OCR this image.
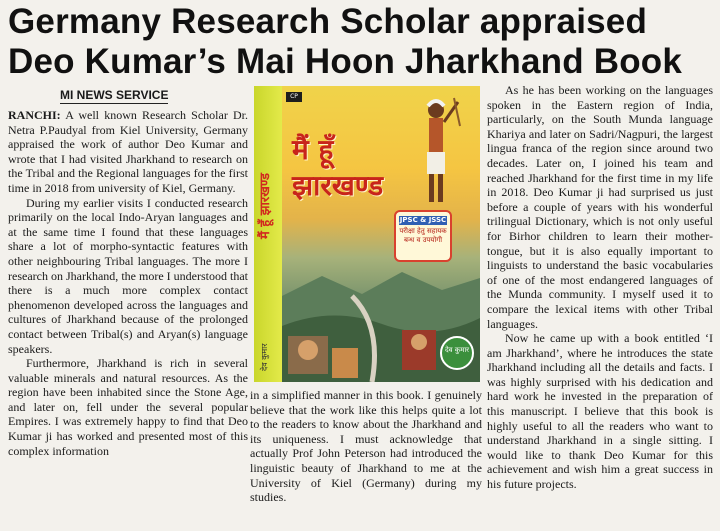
Germany Research Scholar appraised
Deo Kumar’s Mai Hoon Jharkhand Book
MI NEWS SERVICE

RANCHI: A well known Research Scholar Dr. Netra P.Paudyal from Kiel University, Germany appraised the work of author Deo Kumar and wrote that I had visited Jharkhand to research on the Tribal and the Regional languages for the first time in 2018 from university of Kiel, Germany.

During my earlier visits I conducted research primarily on the local Indo-Aryan languages and at the same time I found that these languages share a lot of morpho-syntactic features with other neighbouring Tribal languages. The more I research on Jharkhand, the more I understood that there is a much more complex contact phenomenon developed across the languages and cultures of Jharkhand because of the prolonged contact between Tribal(s) and Aryan(s) language speakers.

Furthermore, Jharkhand is rich in several valuable minerals and natural resources. As the region have been inhabited since the Stone Age, and later on, fell under the several popular Empires. I was extremely happy to find that Deo Kumar ji has worked and presented most of this complex information

in a simplified manner in this book. I genuinely believe that the work like this helps quite a lot to the readers to know about the Jharkhand and its uniqueness. I must acknowledge that actually Prof John Peterson had introduced the linguistic beauty of Jharkhand to me at the University of Kiel (Germany) during my studies.

As he has been working on the languages spoken in the Eastern region of India, particularly, on the South Munda language Khariya and later on Sadri/Nagpuri, the largest lingua franca of the region since around two decades. Later on, I joined his team and reached Jharkhand for the first time in my life in 2018. Deo Kumar ji had surprised us just before a couple of years with his wonderful trilingual Dictionary, which is not only useful for Birhor children to learn their mother-tongue, but it is also equally important to linguists to understand the basic vocabularies of one of the most endangered languages of the Munda community. I myself used it to compare the lexical items with other Tribal languages.

Now he came up with a book entitled ‘I am Jharkhand’, where he introduces the state Jharkhand including all the details and facts. I was highly surprised with his dedication and hard work he invested in the preparation of this manuscript. I believe that this book is highly useful to all the readers who want to understand Jharkhand in a single sitting. I would like to thank Deo Kumar for this achievement and wish him a great success in his future projects.

मैं हूँ झारखण्ड
देव कुमार
CP
मैं हूँ झारखण्ड
JPSC & JSSC
परीक्षा हेतु सहायक बन्ध व उपयोगी
देव कुमार
